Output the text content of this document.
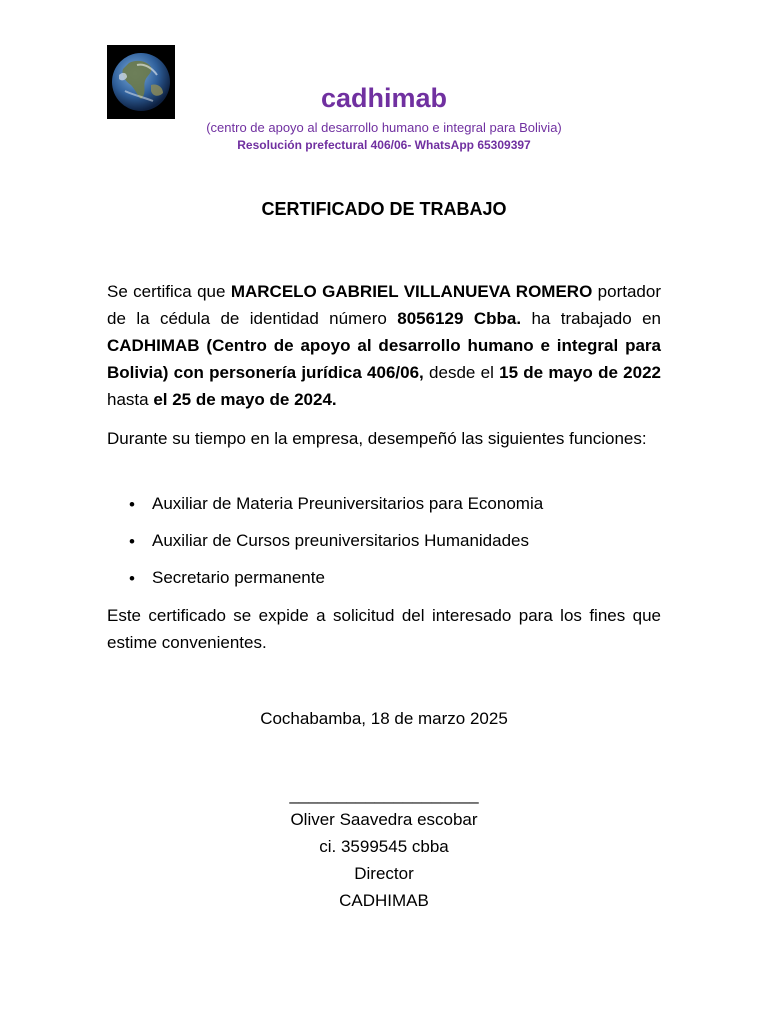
cadhimab
(centro de apoyo al desarrollo humano e integral para Bolivia)
Resolución prefectural 406/06- WhatsApp 65309397
CERTIFICADO DE TRABAJO
Se certifica que MARCELO GABRIEL VILLANUEVA ROMERO portador de la cédula de identidad número 8056129 Cbba. ha trabajado en CADHIMAB (Centro de apoyo al desarrollo humano e integral para Bolivia) con personería jurídica 406/06, desde el 15 de mayo de 2022 hasta el 25 de mayo de 2024.
Durante su tiempo en la empresa, desempeñó las siguientes funciones:
• Auxiliar de Materia Preuniversitarios para Economia
• Auxiliar de Cursos preuniversitarios Humanidades
• Secretario permanente
Este certificado se expide a solicitud del interesado para los fines que estime convenientes.
Cochabamba, 18 de marzo 2025
____________________
Oliver Saavedra escobar
ci. 3599545 cbba
Director
CADHIMAB
